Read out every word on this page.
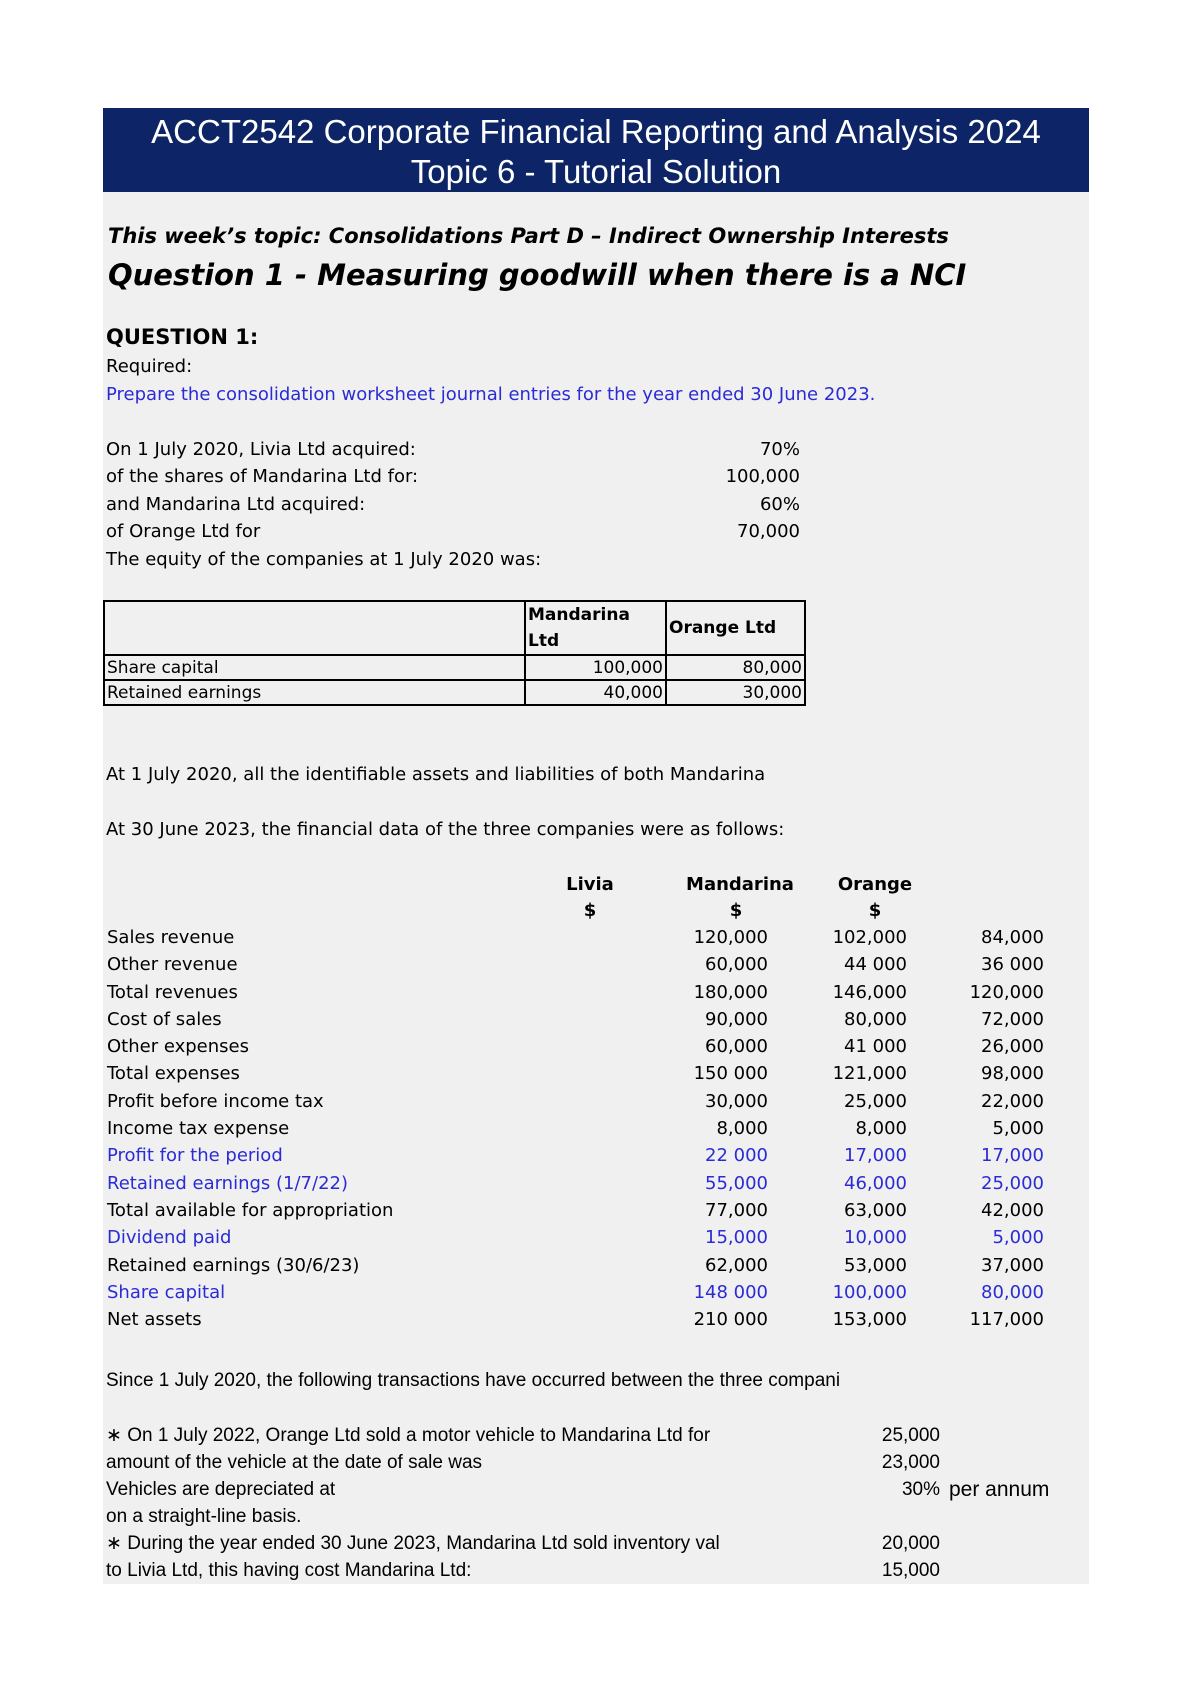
ACCT2542 Corporate Financial Reporting and Analysis 2024
Topic 6 - Tutorial Solution
This week’s topic: Consolidations Part D – Indirect Ownership Interests
Question 1 - Measuring goodwill when there is a NCI
QUESTION 1:
Required:
Prepare the consolidation worksheet journal entries for the year ended 30 June 2023.
On 1 July 2020, Livia Ltd acquired:	70%
of the shares of Mandarina Ltd for:	100,000
and Mandarina Ltd acquired:	60%
of Orange Ltd for	70,000
The equity of the companies at 1 July 2020 was:
	Mandarina Ltd	Orange Ltd
Share capital	100,000	80,000
Retained earnings	40,000	30,000
At 1 July 2020, all the identifiable assets and liabilities of both Mandarina
At 30 June 2023, the financial data of the three companies were as follows:
Livia	Mandarina	Orange
$	$	$
Sales revenue	120,000	102,000	84,000
Other revenue	60,000	44 000	36 000
Total revenues	180,000	146,000	120,000
Cost of sales	90,000	80,000	72,000
Other expenses	60,000	41 000	26,000
Total expenses	150 000	121,000	98,000
Profit before income tax	30,000	25,000	22,000
Income tax expense	8,000	8,000	5,000
Profit for the period	22 000	17,000	17,000
Retained earnings (1/7/22)	55,000	46,000	25,000
Total available for appropriation	77,000	63,000	42,000
Dividend paid	15,000	10,000	5,000
Retained earnings (30/6/23)	62,000	53,000	37,000
Share capital	148 000	100,000	80,000
Net assets	210 000	153,000	117,000
Since 1 July 2020, the following transactions have occurred between the three compani
∗ On 1 July 2022, Orange Ltd sold a motor vehicle to Mandarina Ltd for	25,000
amount of the vehicle at the date of sale was	23,000
Vehicles are depreciated at	30% per annum
on a straight-line basis.
∗ During the year ended 30 June 2023, Mandarina Ltd sold inventory val	20,000
to Livia Ltd, this having cost Mandarina Ltd:	15,000
